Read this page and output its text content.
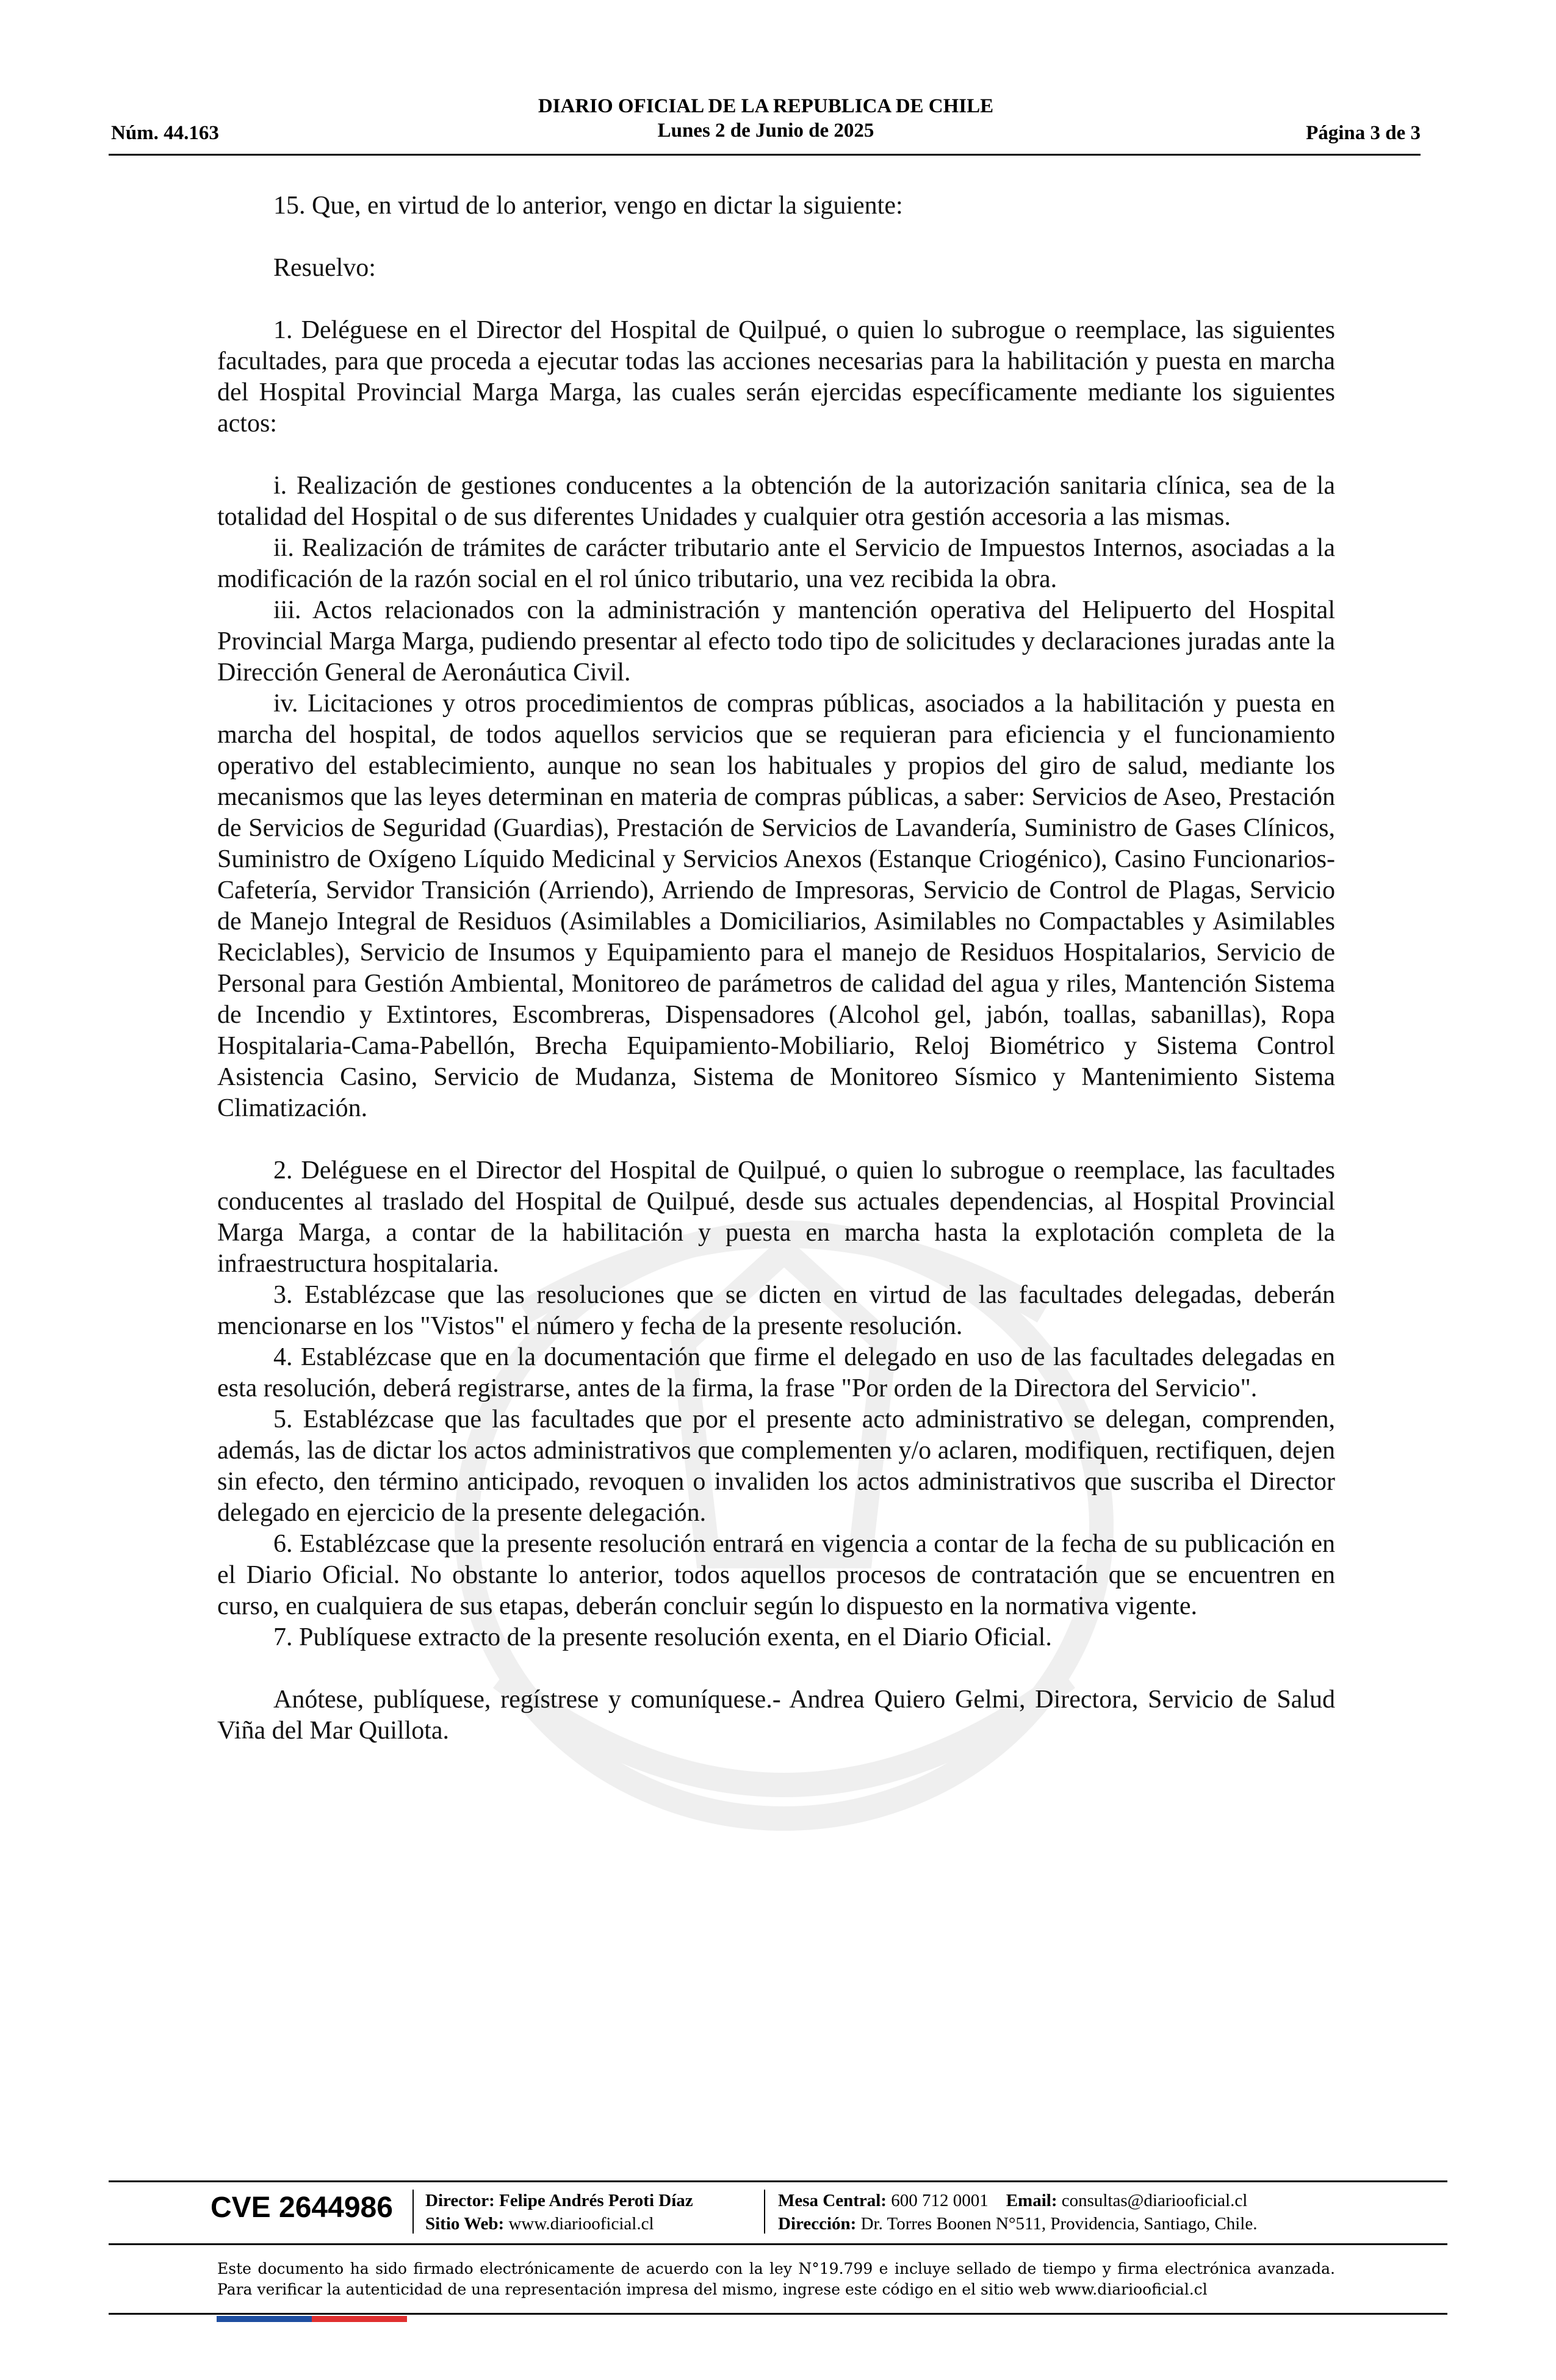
Núm. 44.163
DIARIO OFICIAL DE LA REPUBLICA DE CHILE
Lunes 2 de Junio de 2025	Página 3 de 3

15. Que, en virtud de lo anterior, vengo en dictar la siguiente:

Resuelvo:

1. Deléguese en el Director del Hospital de Quilpué, o quien lo subrogue o reemplace, las siguientes facultades, para que proceda a ejecutar todas las acciones necesarias para la habilitación y puesta en marcha del Hospital Provincial Marga Marga, las cuales serán ejercidas específicamente mediante los siguientes actos:

i. Realización de gestiones conducentes a la obtención de la autorización sanitaria clínica, sea de la totalidad del Hospital o de sus diferentes Unidades y cualquier otra gestión accesoria a las mismas.

ii. Realización de trámites de carácter tributario ante el Servicio de Impuestos Internos, asociadas a la modificación de la razón social en el rol único tributario, una vez recibida la obra.

iii. Actos relacionados con la administración y mantención operativa del Helipuerto del Hospital Provincial Marga Marga, pudiendo presentar al efecto todo tipo de solicitudes y declaraciones juradas ante la Dirección General de Aeronáutica Civil.

iv. Licitaciones y otros procedimientos de compras públicas, asociados a la habilitación y puesta en marcha del hospital, de todos aquellos servicios que se requieran para eficiencia y el funcionamiento operativo del establecimiento, aunque no sean los habituales y propios del giro de salud, mediante los mecanismos que las leyes determinan en materia de compras públicas, a saber: Servicios de Aseo, Prestación de Servicios de Seguridad (Guardias), Prestación de Servicios de Lavandería, Suministro de Gases Clínicos, Suministro de Oxígeno Líquido Medicinal y Servicios Anexos (Estanque Criogénico), Casino Funcionarios-Cafetería, Servidor Transición (Arriendo), Arriendo de Impresoras, Servicio de Control de Plagas, Servicio de Manejo Integral de Residuos (Asimilables a Domiciliarios, Asimilables no Compactables y Asimilables Reciclables), Servicio de Insumos y Equipamiento para el manejo de Residuos Hospitalarios, Servicio de Personal para Gestión Ambiental, Monitoreo de parámetros de calidad del agua y riles, Mantención Sistema de Incendio y Extintores, Escombreras, Dispensadores (Alcohol gel, jabón, toallas, sabanillas), Ropa Hospitalaria-Cama-Pabellón, Brecha Equipamiento-Mobiliario, Reloj Biométrico y Sistema Control Asistencia Casino, Servicio de Mudanza, Sistema de Monitoreo Sísmico y Mantenimiento Sistema Climatización.

2. Deléguese en el Director del Hospital de Quilpué, o quien lo subrogue o reemplace, las facultades conducentes al traslado del Hospital de Quilpué, desde sus actuales dependencias, al Hospital Provincial Marga Marga, a contar de la habilitación y puesta en marcha hasta la explotación completa de la infraestructura hospitalaria.

3. Establézcase que las resoluciones que se dicten en virtud de las facultades delegadas, deberán mencionarse en los "Vistos" el número y fecha de la presente resolución.

4. Establézcase que en la documentación que firme el delegado en uso de las facultades delegadas en esta resolución, deberá registrarse, antes de la firma, la frase "Por orden de la Directora del Servicio".

5. Establézcase que las facultades que por el presente acto administrativo se delegan, comprenden, además, las de dictar los actos administrativos que complementen y/o aclaren, modifiquen, rectifiquen, dejen sin efecto, den término anticipado, revoquen o invaliden los actos administrativos que suscriba el Director delegado en ejercicio de la presente delegación.

6. Establézcase que la presente resolución entrará en vigencia a contar de la fecha de su publicación en el Diario Oficial. No obstante lo anterior, todos aquellos procesos de contratación que se encuentren en curso, en cualquiera de sus etapas, deberán concluir según lo dispuesto en la normativa vigente.

7. Publíquese extracto de la presente resolución exenta, en el Diario Oficial.

Anótese, publíquese, regístrese y comuníquese.- Andrea Quiero Gelmi, Directora, Servicio de Salud Viña del Mar Quillota.

CVE 2644986 Director: Felipe Andrés Peroti Díaz
Sitio Web: www.diariooficial.cl
Mesa Central: 600 712 0001 Email: consultas@diariooficial.cl
Dirección: Dr. Torres Boonen N°511, Providencia, Santiago, Chile.
Este documento ha sido firmado electrónicamente de acuerdo con la ley N°19.799 e incluye sellado de tiempo y firma electrónica avanzada. Para verificar la autenticidad de una representación impresa del mismo, ingrese este código en el sitio web www.diariooficial.cl
